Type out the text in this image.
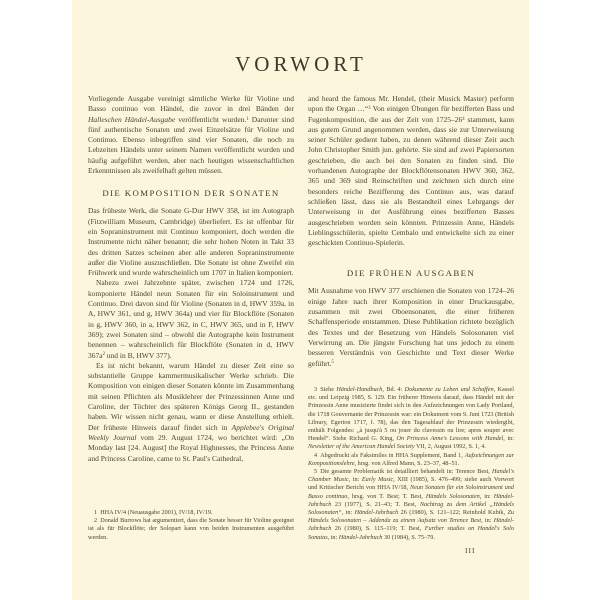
VORWORT

Vorliegende Ausgabe vereinigt sämtliche Werke für Violine und Basso continuo von Händel, die zuvor in drei Bänden der Halleschen Händel-Ausgabe veröffentlicht wurden.$^1$ Darunter sind fünf authentische Sonaten und zwei Einzelsätze für Violine und Continuo. Ebenso inbegriffen sind vier Sonaten, die noch zu Lebzeiten Händels unter seinem Namen veröffentlicht wurden und häufig aufgeführt werden, aber nach heutigen wissenschaftlichen Erkenntnissen als zweifelhaft gelten müssen.

DIE KOMPOSITION DER SONATEN

Das früheste Werk, die Sonate G-Dur HWV 358, ist im Autograph (Fitzwilliam Museum, Cambridge) überliefert. Es ist offenbar für ein Sopraninstrument mit Continuo komponiert, doch werden die Instrumente nicht näher benannt; die sehr hohen Noten in Takt 33 des dritten Satzes scheinen aber alle anderen Sopraninstrumente außer die Violine auszuschließen. Die Sonate ist ohne Zweifel ein Frühwerk und wurde wahrscheinlich um 1707 in Italien komponiert.

Nahezu zwei Jahrzehnte später, zwischen 1724 und 1726, komponierte Händel neun Sonaten für ein Soloinstrument und Continuo. Drei davon sind für Violine (Sonaten in d, HWV 359a, in A, HWV 361, und g, HWV 364a) und vier für Blockflöte (Sonaten in g, HWV 360, in a, HWV 362, in C, HWV 365, und in F, HWV 369); zwei Sonaten sind – obwohl die Autographe kein Instrument benennen – wahrscheinlich für Blockflöte (Sonaten in d, HWV $367a^2$ und in B, HWV 377).

Es ist nicht bekannt, warum Händel zu dieser Zeit eine so substantielle Gruppe kammermusikalischer Werke schrieb. Die Komposition von einigen dieser Sonaten könnte im Zusammenhang mit seinen Pflichten als Musiklehrer der Prinzessinnen Anne und Caroline, der Töchter des späteren Königs Georg II., gestanden haben. Wir wissen nicht genau, wann er diese Anstellung erhielt. Der früheste Hinweis darauf findet sich in Applebee's Original Weekly Journal vom 29. August 1724, wo berichtet wird: „On Monday last [24. August] the Royal Highnesses, the Princess Anne and Princess Caroline, came to St. Paul's Cathedral,

1 HHA IV/4 (Neuausgabe 2001), IV/18, IV/19.

2 Donald Burrows hat argumentiert, dass die Sonate besser für Violine geeignet ist als für Blockflöte; der Solopart kann von beiden Instrumenten ausgeführt werden.

and heard the famous Mr. Hendel, (their Musick Master) perform upon the Organ …“$^3$ Von einigen Übungen für bezifferten Bass und Fugenkomposition, die aus der Zeit von $1725-26^4$ stammen, kann aus gutem Grund angenommen werden, dass sie zur Unterweisung seiner Schüler gedient haben, zu denen während dieser Zeit auch John Christopher Smith jun. gehörte. Sie sind auf zwei Papiersorten geschrieben, die auch bei den Sonaten zu finden sind. Die vorhandenen Autographe der Blockflötensonaten HWV 360, 362, 365 und 369 sind Reinschriften und zeichnen sich durch eine besonders reiche Bezifferung des Continuo aus, was darauf schließen lässt, dass sie als Bestandteil eines Lehrgangs der Unterweisung in der Ausführung eines bezifferten Basses ausgeschrieben worden sein könnten. Prinzessin Anne, Händels Lieblingsschülerin, spielte Cembalo und entwickelte sich zu einer geschickten Continuo-Spielerin.

DIE FRÜHEN AUSGABEN

Mit Ausnahme von HWV 377 erschienen die Sonaten von 1724–26 einige Jahre nach ihrer Komposition in einer Druckausgabe, zusammen mit zwei Oboensonaten, die einer früheren Schaffensperiode entstammen. Diese Publikation richtete bezüglich des Textes und der Besetzung von Händels Solosonaten viel Verwirrung an. Die jüngste Forschung hat uns jedoch zu einem besseren Verständnis von Geschichte und Text dieser Werke geführt.$^5$

3 Siehe Händel-Handbuch, Bd. 4: Dokumente zu Leben und Schaffen, Kassel etc. und Leipzig 1985, S. 129. Ein früherer Hinweis darauf, dass Händel mit der Prinzessin Anne musizierte findet sich in den Aufzeichnungen von Lady Portland, die 1718 Gouvernante der Prinzessin war: ein Dokument vom 9. Juni 1723 (British Library, Egerton 1717, f. 78), das den Tagesablauf der Prinzessin wiedergibt, enthält Folgendes: „à jusqu'à 5 ou jouer du clavessin ou lire; apres souper avec Hendel“. Siehe Richard G. King, On Princess Anne's Lessons with Handel, in: Newsletter of the American Handel Society VII, 2, August 1992, S. 1, 4.

4 Abgedruckt als Faksimiles in HHA Supplement, Band 1, Aufzeichnungen zur Kompositionslehre, hrsg. von Alfred Mann, S. 23–37, 48–51.

5 Die gesamte Problematik ist detailliert behandelt in: Terence Best, Handel's Chamber Music, in: Early Music, XIII (1985), S. 476–499; siehe auch Vorwort und Kritischer Bericht von HHA IV/18, Neun Sonaten für ein Soloinstrument und Basso continuo, hrsg. von T. Best; T. Best, Händels Solosonaten, in: Händel-Jahrbuch 23 (1977), S. 21–43; T. Best, Nachtrag zu dem Artikel „Händels Solosonaten“, in: Händel-Jahrbuch 26 (1980), S. 121–122; Reinhold Kubik, Zu Händels Solosonaten – Addenda zu einem Aufsatz von Terence Best, in: Händel-Jahrbuch 26 (1980), S. 115–119; T. Best, Further studies on Handel's Solo Sonatas, in: Händel-Jahrbuch 30 (1984), S. 75–79.

III
